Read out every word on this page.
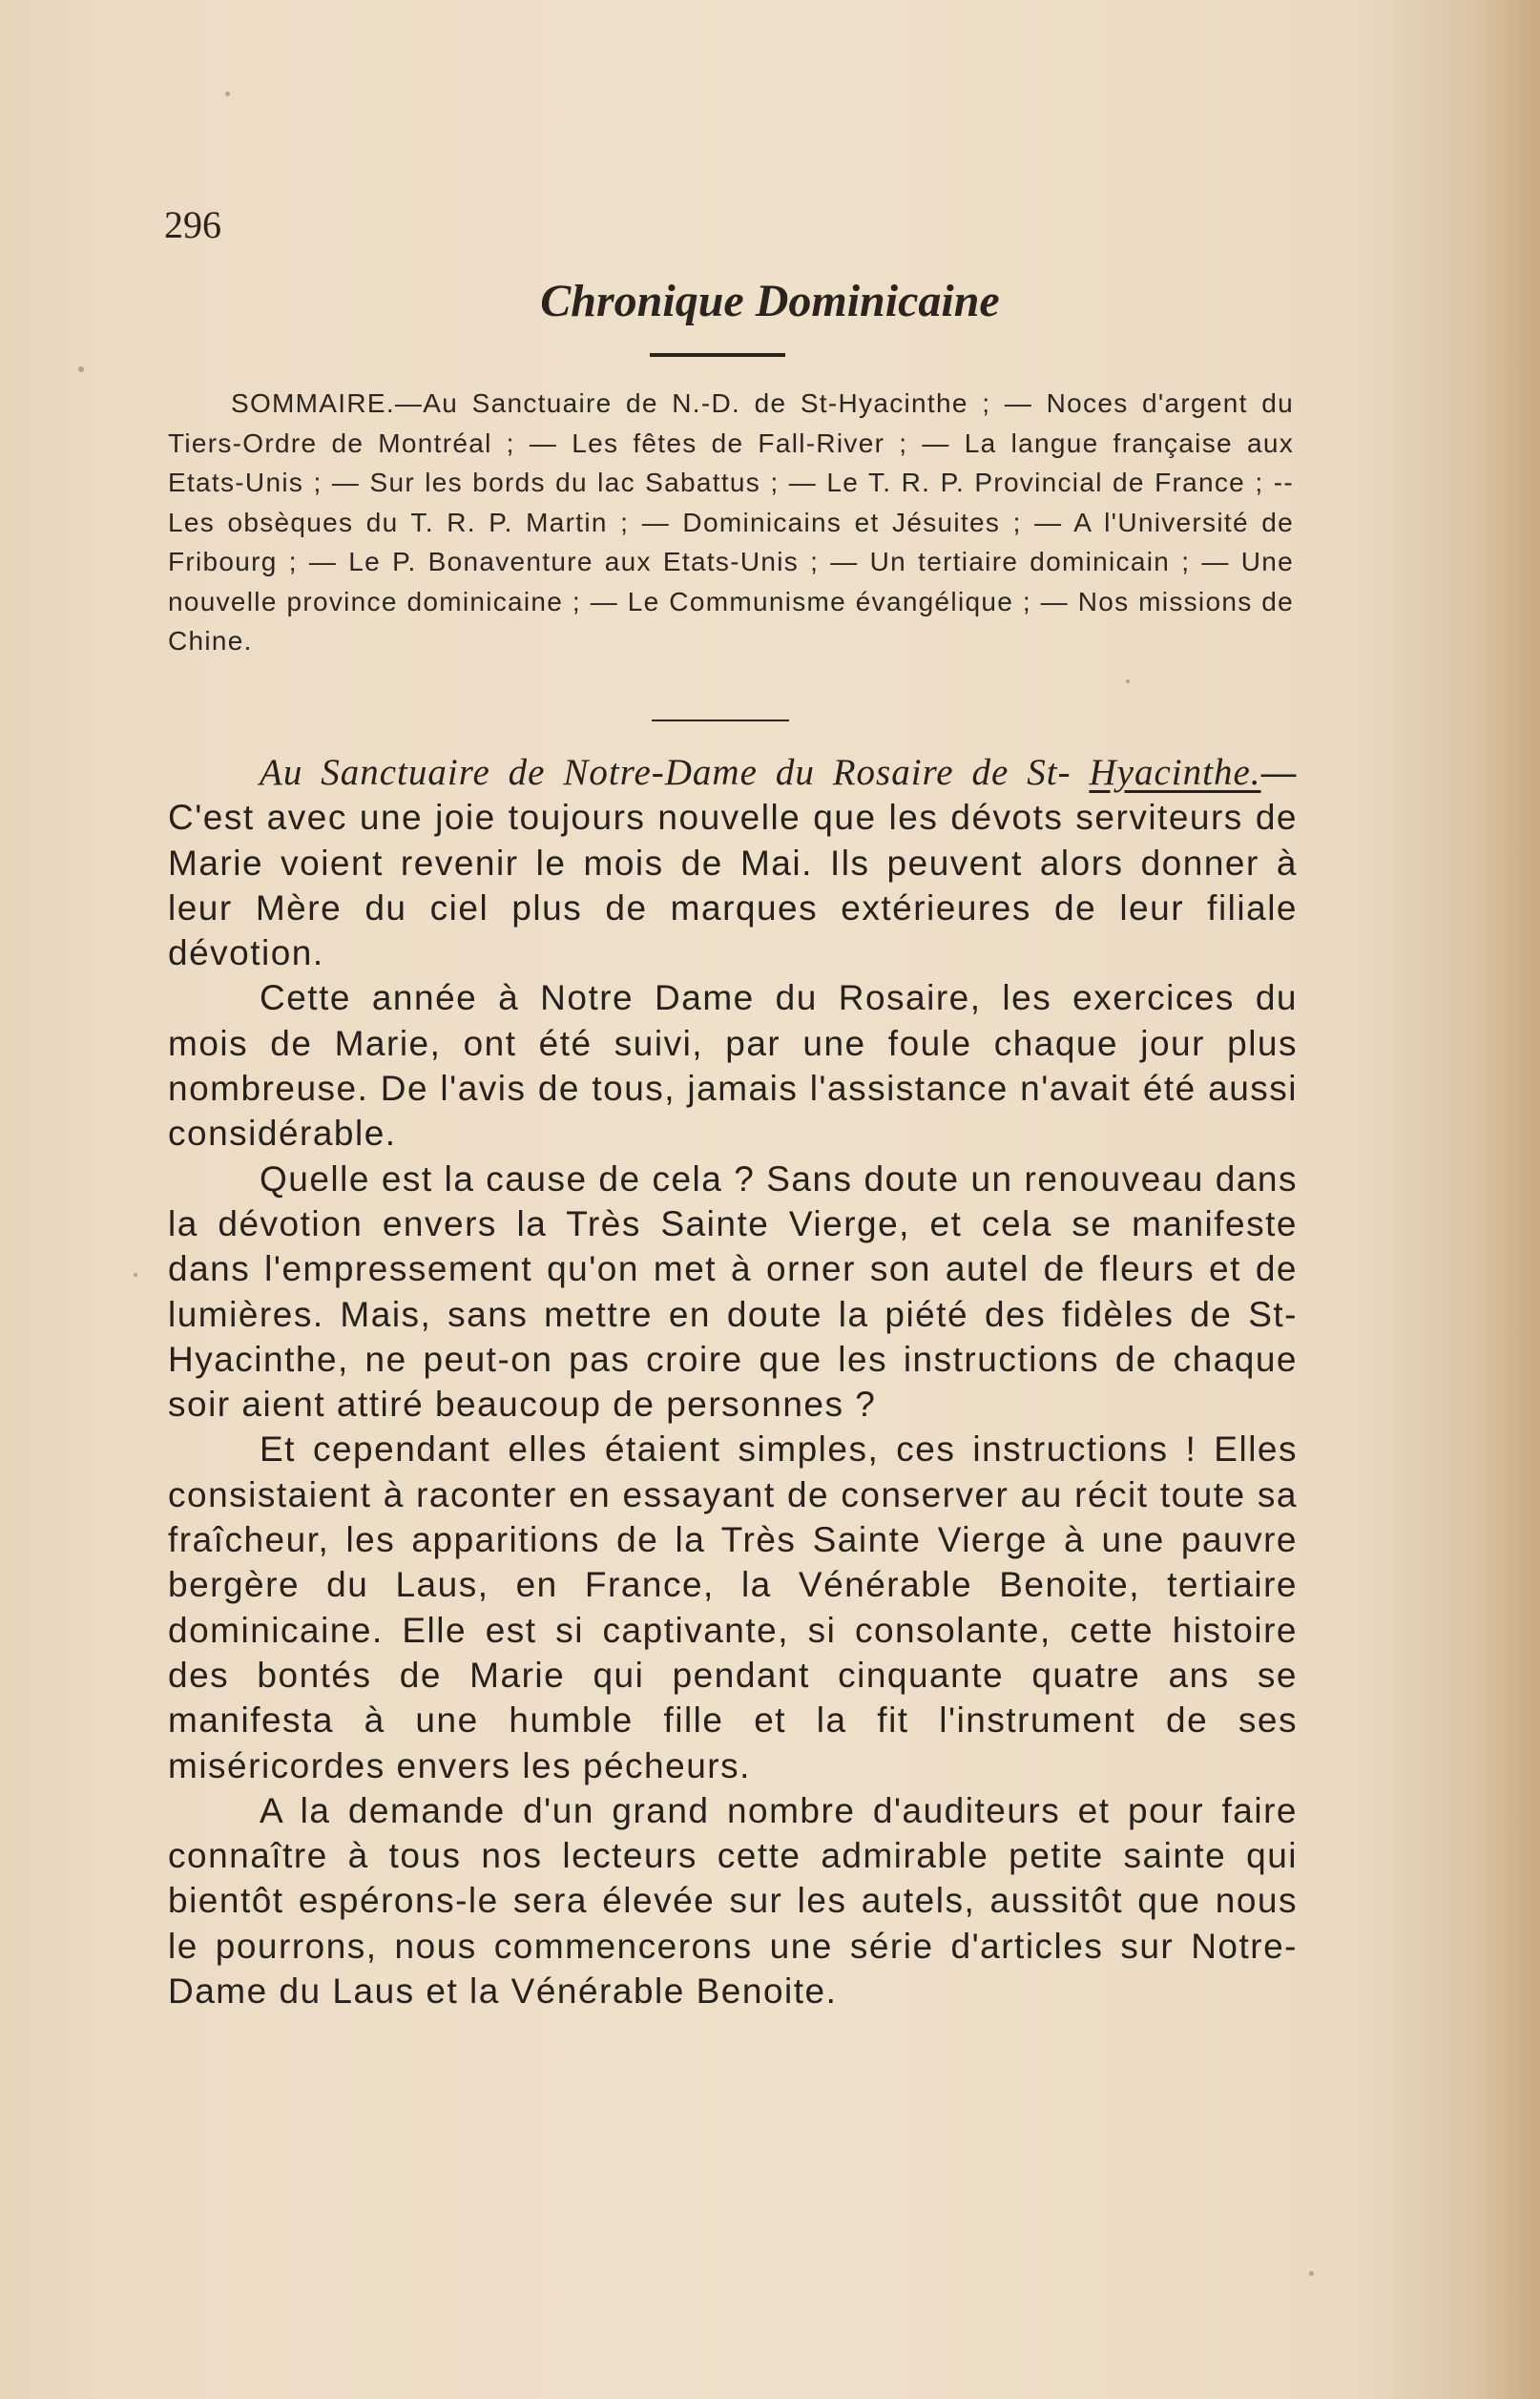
296
Chronique Dominicaine
SOMMAIRE.—Au Sanctuaire de N.-D. de St-Hyacinthe ; — Noces d'argent du Tiers-Ordre de Montréal ; — Les fêtes de Fall-River ; — La langue française aux Etats-Unis ; — Sur les bords du lac Sabattus ; — Le T. R. P. Provincial de France ; -- Les obsèques du T. R. P. Martin ; — Dominicains et Jésuites ; — A l'Université de Fribourg ; — Le P. Bonaventure aux Etats-Unis ; — Un tertiaire dominicain ; — Une nouvelle province dominicaine ; — Le Communisme évangélique ; — Nos missions de Chine.

Au Sanctuaire de Notre-Dame du Rosaire de St- Hyacinthe.—C'est avec une joie toujours nouvelle que les dévots serviteurs de Marie voient revenir le mois de Mai. Ils peuvent alors donner à leur Mère du ciel plus de marques extérieures de leur filiale dévotion.

Cette année à Notre Dame du Rosaire, les exercices du mois de Marie, ont été suivi, par une foule chaque jour plus nombreuse. De l'avis de tous, jamais l'assistance n'avait été aussi considérable.

Quelle est la cause de cela ? Sans doute un renouveau dans la dévotion envers la Très Sainte Vierge, et cela se manifeste dans l'empressement qu'on met à orner son autel de fleurs et de lumières. Mais, sans mettre en doute la piété des fidèles de St-Hyacinthe, ne peut-on pas croire que les instructions de chaque soir aient attiré beaucoup de personnes ?

Et cependant elles étaient simples, ces instructions ! Elles consistaient à raconter en essayant de conserver au récit toute sa fraîcheur, les apparitions de la Très Sainte Vierge à une pauvre bergère du Laus, en France, la Vénérable Benoite, tertiaire dominicaine. Elle est si captivante, si consolante, cette histoire des bontés de Marie qui pendant cinquante quatre ans se manifesta à une humble fille et la fit l'instrument de ses miséricordes envers les pécheurs.

A la demande d'un grand nombre d'auditeurs et pour faire connaître à tous nos lecteurs cette admirable petite sainte qui bientôt espérons-le sera élevée sur les autels, aussitôt que nous le pourrons, nous commencerons une série d'articles sur Notre-Dame du Laus et la Vénérable Benoite.
